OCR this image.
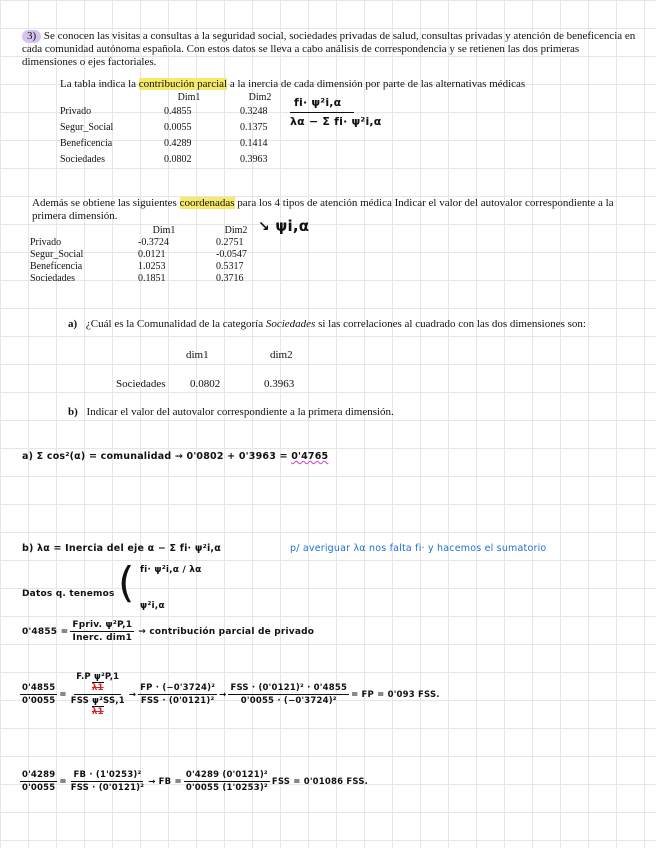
3) Se conocen las visitas a consultas a la seguridad social, sociedades privadas de salud, consultas privadas y atención de beneficencia en cada comunidad autónoma española. Con estos datos se lleva a cabo análisis de correspondencia y se retienen las dos primeras dimensiones o ejes factoriales.
La tabla indica la contribución parcial a la inercia de cada dimensión por parte de las alternativas médicas
	Dim1	Dim2
Privado	0.4855	0.3248
Segur_Social	0.0055	0.1375
Beneficencia	0.4289	0.1414
Sociedades	0.0802	0.3963
fi· ψ²i,α
λα − Σ fi· ψ²i,α
Además se obtiene las siguientes coordenadas para los 4 tipos de atención médica Indicar el valor del autovalor correspondiente a la primera dimensión.
	Dim1	Dim2
Privado	-0.3724	0.2751
Segur_Social	0.0121	-0.0547
Beneficencia	1.0253	0.5317
Sociedades	0.1851	0.3716
↘ ψi,α
a) ¿Cuál es la Comunalidad de la categoría Sociedades si las correlaciones al cuadrado con las dos dimensiones son:
dim1	dim2
Sociedades 0.0802	0.3963
b) Indicar el valor del autovalor correspondiente a la primera dimensión.
a) Σ cos²(α) = comunalidad → 0'0802 + 0'3963 = 0'4765
b) λα = Inercia del eje α − Σ fi· ψ²i,α	p/ averiguar λα nos falta fi· y hacemos el sumatorio
Datos q. tenemos ( fi· ψ²i,α / λα
ψ²i,α
$0'4855 = \frac{\text{Fpriv. ψ²P,1}}{\text{Inerc. dim1}}$ → contribución parcial de privado
$\frac{0'4855}{0'0055} = F.P$ ψ²P,1
λ1
FSS ψ²SS,1
$\lambda 1 \to \frac{\text{FP · (−0'3724)²}}{\text{FSS · (0'0121)²}} \to \frac{\text{FSS · (0'0121)² · 0'4855}}{\text{0'0055 · (−0'3724)²}}$ = FP = 0'093 FSS.
$\frac{0'4289}{0'0055} = \frac{\text{FB · (1'0253)²}}{\text{FSS · (0'0121)²}}$ → FB = $\frac{\text{0'4289 (0'0121)²}}{\text{0'0055 (1'0253)²}}$ FSS = 0'01086 FSS.
